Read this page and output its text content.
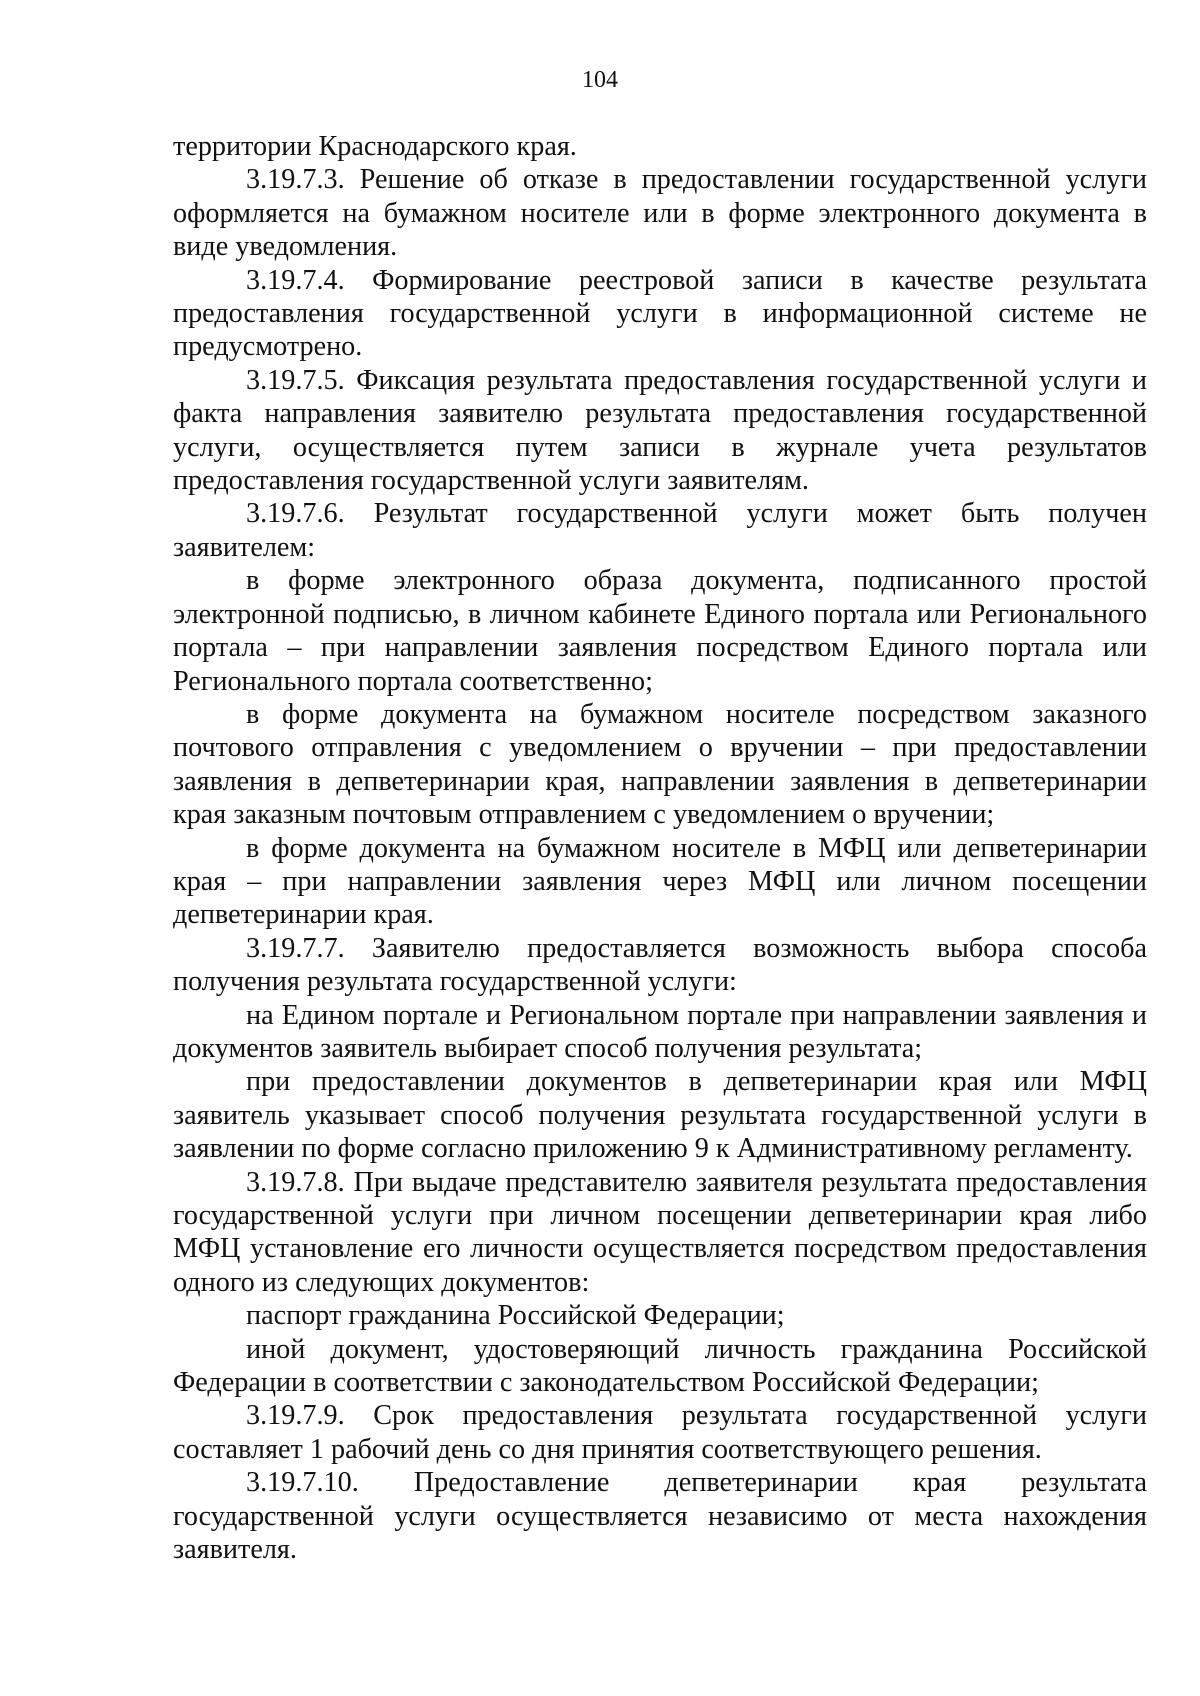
104

территории Краснодарского края.

3.19.7.3. Решение об отказе в предоставлении государственной услуги оформляется на бумажном носителе или в форме электронного документа в виде уведомления.

3.19.7.4. Формирование реестровой записи в качестве результата предоставления государственной услуги в информационной системе не предусмотрено.

3.19.7.5. Фиксация результата предоставления государственной услуги и факта направления заявителю результата предоставления государственной услуги, осуществляется путем записи в журнале учета результатов предоставления государственной услуги заявителям.

3.19.7.6. Результат государственной услуги может быть получен заявителем:

в форме электронного образа документа, подписанного простой электронной подписью, в личном кабинете Единого портала или Регионального портала – при направлении заявления посредством Единого портала или Регионального портала соответственно;

в форме документа на бумажном носителе посредством заказного почтового отправления с уведомлением о вручении – при предоставлении заявления в депветеринарии края, направлении заявления в депветеринарии края заказным почтовым отправлением с уведомлением о вручении;

в форме документа на бумажном носителе в МФЦ или депветеринарии края – при направлении заявления через МФЦ или личном посещении депветеринарии края.

3.19.7.7. Заявителю предоставляется возможность выбора способа получения результата государственной услуги:

на Едином портале и Региональном портале при направлении заявления и документов заявитель выбирает способ получения результата;

при предоставлении документов в депветеринарии края или МФЦ заявитель указывает способ получения результата государственной услуги в заявлении по форме согласно приложению 9 к Административному регламенту.

3.19.7.8. При выдаче представителю заявителя результата предоставления государственной услуги при личном посещении депветеринарии края либо МФЦ установление его личности осуществляется посредством предоставления одного из следующих документов:

паспорт гражданина Российской Федерации;

иной документ, удостоверяющий личность гражданина Российской Федерации в соответствии с законодательством Российской Федерации;

3.19.7.9. Срок предоставления результата государственной услуги составляет 1 рабочий день со дня принятия соответствующего решения.

3.19.7.10. Предоставление депветеринарии края результата государственной услуги осуществляется независимо от места нахождения заявителя.
